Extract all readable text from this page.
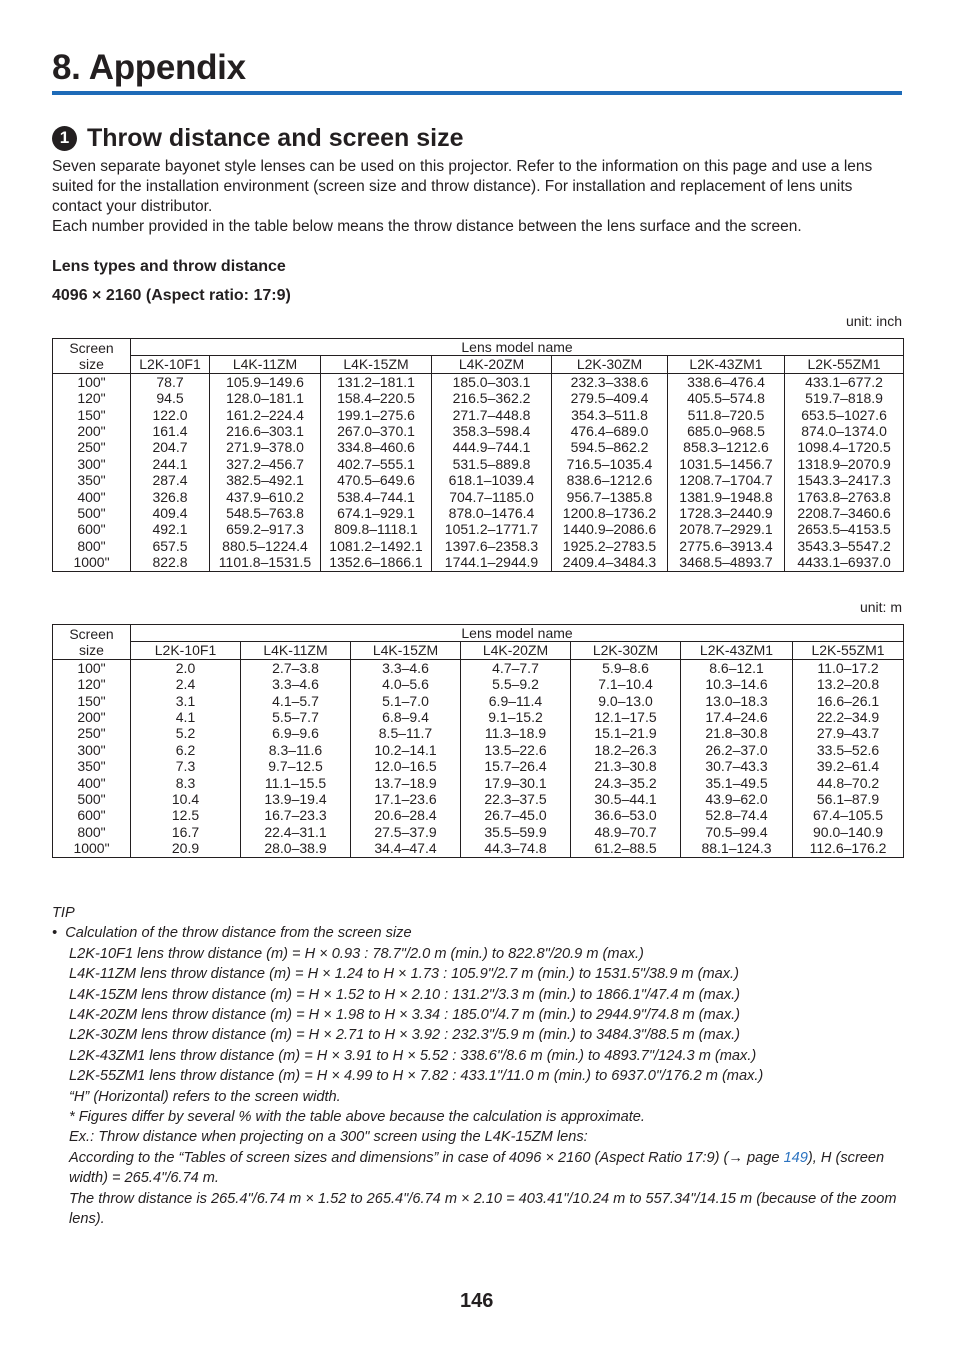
8. Appendix
1 Throw distance and screen size

Seven separate bayonet style lenses can be used on this projector. Refer to the information on this page and use a lens suited for the installation environment (screen size and throw distance). For installation and replacement of lens units contact your distributor.

Each number provided in the table below means the throw distance between the lens surface and the screen.

Lens types and throw distance
4096 × 2160 (Aspect ratio: 17:9)
unit: inch
Screen
size	Lens model name						
	L2K-10F1	L4K-11ZM	L4K-15ZM	L4K-20ZM	L2K-30ZM	L2K-43ZM1	L2K-55ZM1
100"	78.7	105.9–149.6	131.2–181.1	185.0–303.1	232.3–338.6	338.6–476.4	433.1–677.2
120"	94.5	128.0–181.1	158.4–220.5	216.5–362.2	279.5–409.4	405.5–574.8	519.7–818.9
150"	122.0	161.2–224.4	199.1–275.6	271.7–448.8	354.3–511.8	511.8–720.5	653.5–1027.6
200"	161.4	216.6–303.1	267.0–370.1	358.3–598.4	476.4–689.0	685.0–968.5	874.0–1374.0
250"	204.7	271.9–378.0	334.8–460.6	444.9–744.1	594.5–862.2	858.3–1212.6	1098.4–1720.5
300"	244.1	327.2–456.7	402.7–555.1	531.5–889.8	716.5–1035.4	1031.5–1456.7	1318.9–2070.9
350"	287.4	382.5–492.1	470.5–649.6	618.1–1039.4	838.6–1212.6	1208.7–1704.7	1543.3–2417.3
400"	326.8	437.9–610.2	538.4–744.1	704.7–1185.0	956.7–1385.8	1381.9–1948.8	1763.8–2763.8
500"	409.4	548.5–763.8	674.1–929.1	878.0–1476.4	1200.8–1736.2	1728.3–2440.9	2208.7–3460.6
600"	492.1	659.2–917.3	809.8–1118.1	1051.2–1771.7	1440.9–2086.6	2078.7–2929.1	2653.5–4153.5
800"	657.5	880.5–1224.4	1081.2–1492.1	1397.6–2358.3	1925.2–2783.5	2775.6–3913.4	3543.3–5547.2
1000"	822.8	1101.8–1531.5	1352.6–1866.1	1744.1–2944.9	2409.4–3484.3	3468.5–4893.7	4433.1–6937.0
unit: m
Screen
size	Lens model name						
	L2K-10F1	L4K-11ZM	L4K-15ZM	L4K-20ZM	L2K-30ZM	L2K-43ZM1	L2K-55ZM1
100"	2.0	2.7–3.8	3.3–4.6	4.7–7.7	5.9–8.6	8.6–12.1	11.0–17.2
120"	2.4	3.3–4.6	4.0–5.6	5.5–9.2	7.1–10.4	10.3–14.6	13.2–20.8
150"	3.1	4.1–5.7	5.1–7.0	6.9–11.4	9.0–13.0	13.0–18.3	16.6–26.1
200"	4.1	5.5–7.7	6.8–9.4	9.1–15.2	12.1–17.5	17.4–24.6	22.2–34.9
250"	5.2	6.9–9.6	8.5–11.7	11.3–18.9	15.1–21.9	21.8–30.8	27.9–43.7
300"	6.2	8.3–11.6	10.2–14.1	13.5–22.6	18.2–26.3	26.2–37.0	33.5–52.6
350"	7.3	9.7–12.5	12.0–16.5	15.7–26.4	21.3–30.8	30.7–43.3	39.2–61.4
400"	8.3	11.1–15.5	13.7–18.9	17.9–30.1	24.3–35.2	35.1–49.5	44.8–70.2
500"	10.4	13.9–19.4	17.1–23.6	22.3–37.5	30.5–44.1	43.9–62.0	56.1–87.9
600"	12.5	16.7–23.3	20.6–28.4	26.7–45.0	36.6–53.0	52.8–74.4	67.4–105.5
800"	16.7	22.4–31.1	27.5–37.9	35.5–59.9	48.9–70.7	70.5–99.4	90.0–140.9
1000"	20.9	28.0–38.9	34.4–47.4	44.3–74.8	61.2–88.5	88.1–124.3	112.6–176.2
TIP
• Calculation of the throw distance from the screen size
L2K-10F1 lens throw distance (m) = H × 0.93 : 78.7"/2.0 m (min.) to 822.8"/20.9 m (max.)
L4K-11ZM lens throw distance (m) = H × 1.24 to H × 1.73 : 105.9"/2.7 m (min.) to 1531.5"/38.9 m (max.)
L4K-15ZM lens throw distance (m) = H × 1.52 to H × 2.10 : 131.2"/3.3 m (min.) to 1866.1"/47.4 m (max.)
L4K-20ZM lens throw distance (m) = H × 1.98 to H × 3.34 : 185.0"/4.7 m (min.) to 2944.9"/74.8 m (max.)
L2K-30ZM lens throw distance (m) = H × 2.71 to H × 3.92 : 232.3"/5.9 m (min.) to 3484.3"/88.5 m (max.)
L2K-43ZM1 lens throw distance (m) = H × 3.91 to H × 5.52 : 338.6"/8.6 m (min.) to 4893.7"/124.3 m (max.)
L2K-55ZM1 lens throw distance (m) = H × 4.99 to H × 7.82 : 433.1"/11.0 m (min.) to 6937.0"/176.2 m (max.)
“H” (Horizontal) refers to the screen width.
* Figures differ by several % with the table above because the calculation is approximate.
Ex.: Throw distance when projecting on a 300" screen using the L4K-15ZM lens:
According to the “Tables of screen sizes and dimensions” in case of 4096 × 2160 (Aspect Ratio 17:9) (→ page 149), H (screen width) = 265.4"/6.74 m.
The throw distance is 265.4"/6.74 m × 1.52 to 265.4"/6.74 m × 2.10 = 403.41"/10.24 m to 557.34"/14.15 m (because of the zoom lens).
146
